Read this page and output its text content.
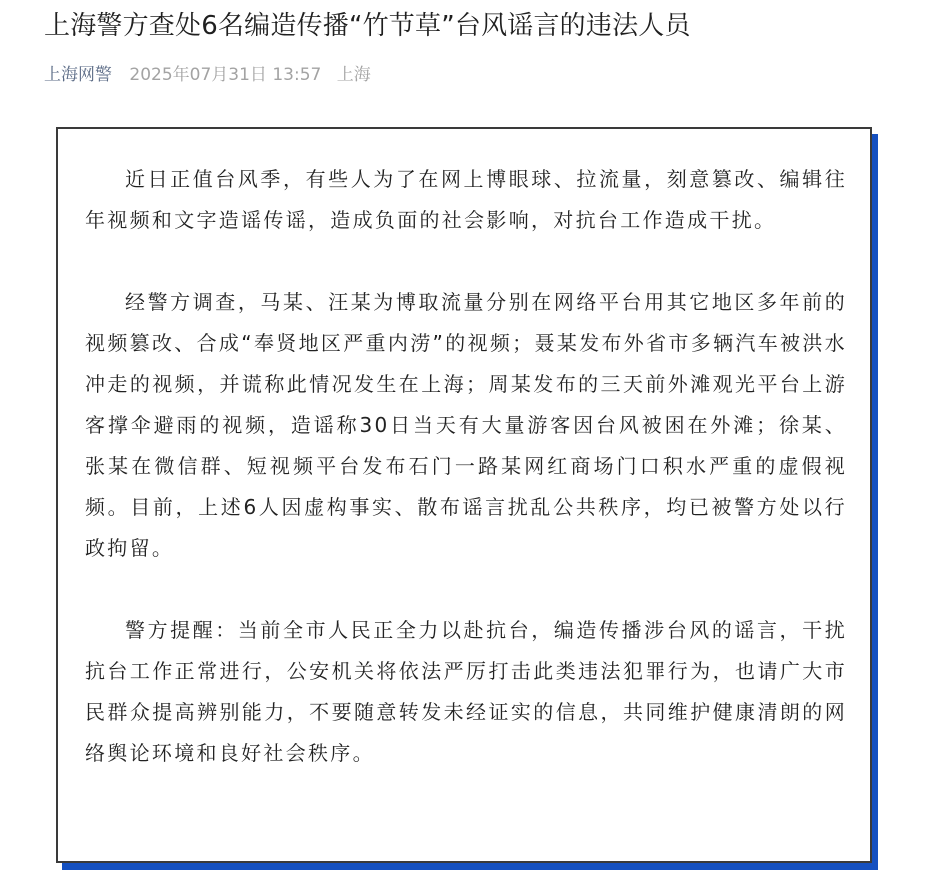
上海警方查处6名编造传播“竹节草”台风谣言的违法人员
上海网警 2025年07月31日 13:57 上海

近日正值台风季，有些人为了在网上博眼球、拉流量，刻意篡改、编辑往年视频和文字造谣传谣，造成负面的社会影响，对抗台工作造成干扰。

经警方调查，马某、汪某为博取流量分别在网络平台用其它地区多年前的视频篡改、合成“奉贤地区严重内涝”的视频；聂某发布外省市多辆汽车被洪水冲走的视频，并谎称此情况发生在上海；周某发布的三天前外滩观光平台上游客撑伞避雨的视频，造谣称30日当天有大量游客因台风被困在外滩；徐某、张某在微信群、短视频平台发布石门一路某网红商场门口积水严重的虚假视频。目前，上述6人因虚构事实、散布谣言扰乱公共秩序，均已被警方处以行政拘留。

警方提醒：当前全市人民正全力以赴抗台，编造传播涉台风的谣言，干扰抗台工作正常进行，公安机关将依法严厉打击此类违法犯罪行为，也请广大市民群众提高辨别能力，不要随意转发未经证实的信息，共同维护健康清朗的网络舆论环境和良好社会秩序。
